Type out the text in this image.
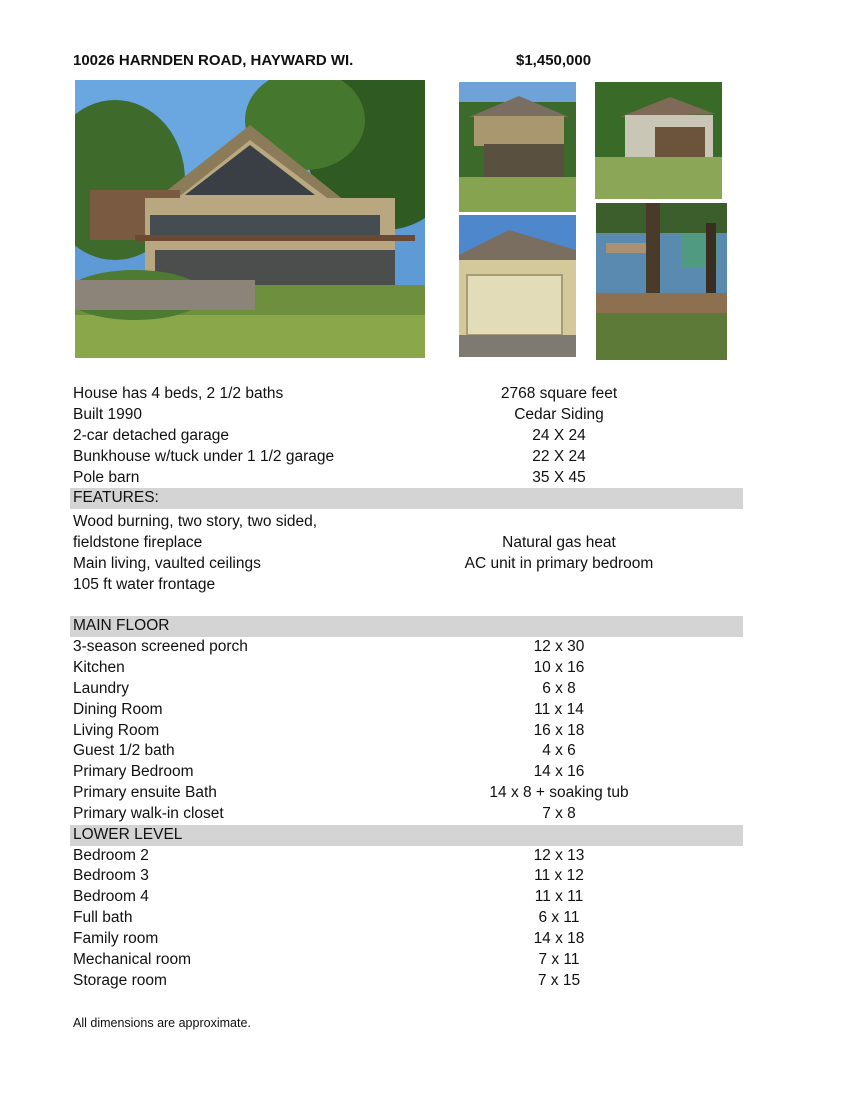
10026 HARNDEN ROAD, HAYWARD WI.	$1,450,000
House has 4 beds, 2 1/2 baths	2768 square feet
Built 1990	Cedar Siding
2-car detached garage	24 X 24
Bunkhouse w/tuck under 1 1/2 garage	22 X 24
Pole barn	35 X 45
FEATURES:
Wood burning, two story, two sided,
fieldstone fireplace	Natural gas heat
Main living, vaulted ceilings	AC unit in primary bedroom
105 ft water frontage
MAIN FLOOR
3-season screened porch	12 x 30
Kitchen	10 x 16
Laundry	6 x 8
Dining Room	11 x 14
Living Room	16 x 18
Guest 1/2 bath	4 x 6
Primary Bedroom	14 x 16
Primary ensuite Bath	14 x 8 + soaking tub
Primary walk-in closet	7 x 8
LOWER LEVEL
Bedroom 2	12 x 13
Bedroom 3	11 x 12
Bedroom 4	11 x 11
Full bath	6 x 11
Family room	14 x 18
Mechanical room	7 x 11
Storage room	7 x 15
All dimensions are approximate.
